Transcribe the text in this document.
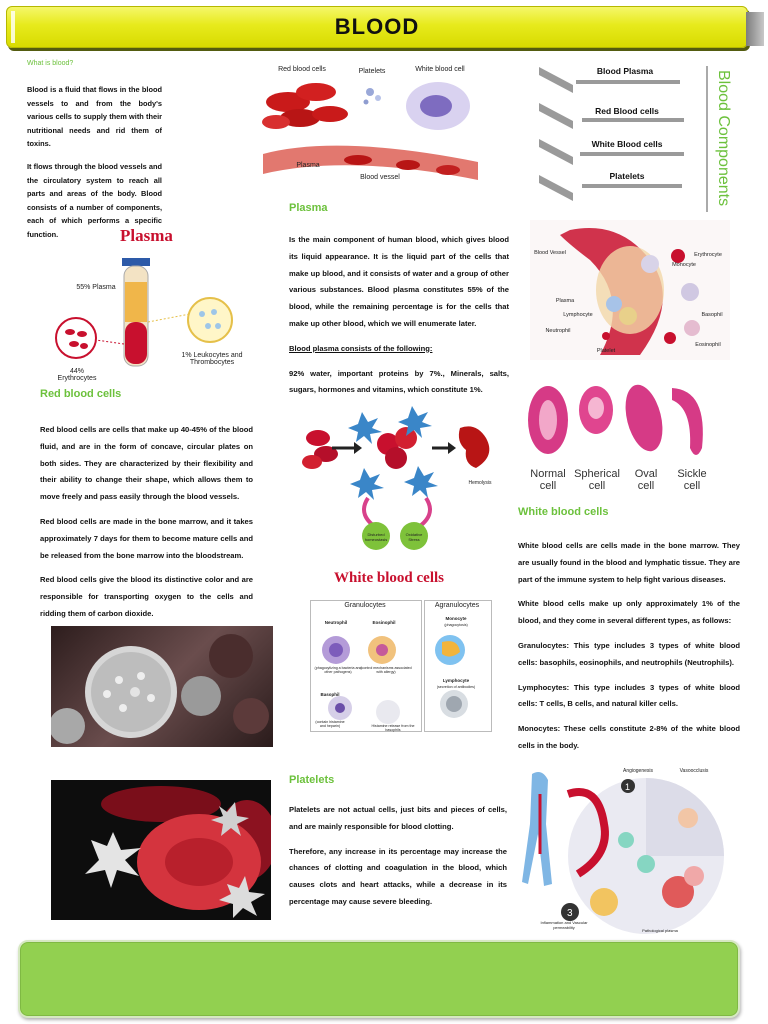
BLOOD
What is blood?

Blood is a fluid that flows in the blood vessels to and from the body's various cells to supply them with their nutritional needs and rid them of toxins.

It flows through the blood vessels and the circulatory system to reach all parts and areas of the body. Blood consists of a number of components, each of which performs a specific function.

Red blood cells	Platelets	White blood cell
Plasma
Blood vessel
Blood Plasma
Red Blood cells
White Blood cells
Platelets	Blood Components
Plasma
55% Plasma
44% Erythrocytes
1% Leukocytes and Thrombocytes
Plasma

Is the main component of human blood, which gives blood its liquid appearance. It is the liquid part of the cells that make up blood, and it consists of water and a group of other various substances. Blood plasma constitutes 55% of the blood, while the remaining percentage is for the cells that make up other blood, which we will enumerate later.

Blood plasma consists of the following:

92% water, important proteins by 7%., Minerals, salts, sugars, hormones and vitamins, which constitute 1%.

Blood Vessel	Erythrocyte
Monocyte
Plasma
Lymphocyte	Basophil
Neutrophil
Platelet
Eosinophil
Normal cell
Spherical cell
Oval cell
Sickle cell
Red blood cells

Red blood cells are cells that make up 40-45% of the blood fluid, and are in the form of concave, circular plates on both sides. They are characterized by their flexibility and their ability to change their shape, which allows them to move freely and pass easily through the blood vessels.

Red blood cells are made in the bone marrow, and it takes approximately 7 days for them to become mature cells and be released from the bone marrow into the bloodstream.

Red blood cells give the blood its distinctive color and are responsible for transporting oxygen to the cells and ridding them of carbon dioxide.

Hemolysis
Disturbed homeostasis
Oxidative Stress
White blood cells
Granulocytes	Agranulocytes
Neutrophil
(phagocytizing a bacteria and other pathogens)
Eosinophil
(control mechanisms associated with allergy)
Monocyte
(phagocytosis)
Lymphocyte
(secretion of antibodies)
Basophil
(contain histamine and heparin)	Histamine release from the basophils
White blood cells

White blood cells are cells made in the bone marrow. They are usually found in the blood and lymphatic tissue. They are part of the immune system to help fight various diseases.

White blood cells make up only approximately 1% of the blood, and they come in several different types, as follows:

Granulocytes: This type includes 3 types of white blood cells: basophils, eosinophils, and neutrophils (Neutrophils).

Lymphocytes: This type includes 3 types of white blood cells: T cells, B cells, and natural killer cells.

Monocytes: These cells constitute 2-8% of the white blood cells in the body.

Platelets

Platelets are not actual cells, just bits and pieces of cells, and are mainly responsible for blood clotting.

Therefore, any increase in its percentage may increase the chances of clotting and coagulation in the blood, which causes clots and heart attacks, while a decrease in its percentage may cause severe bleeding.

3
1
Angiogenesis	Vasoocclusis
Inflammation and Vascular permeability
Pathological plasma
